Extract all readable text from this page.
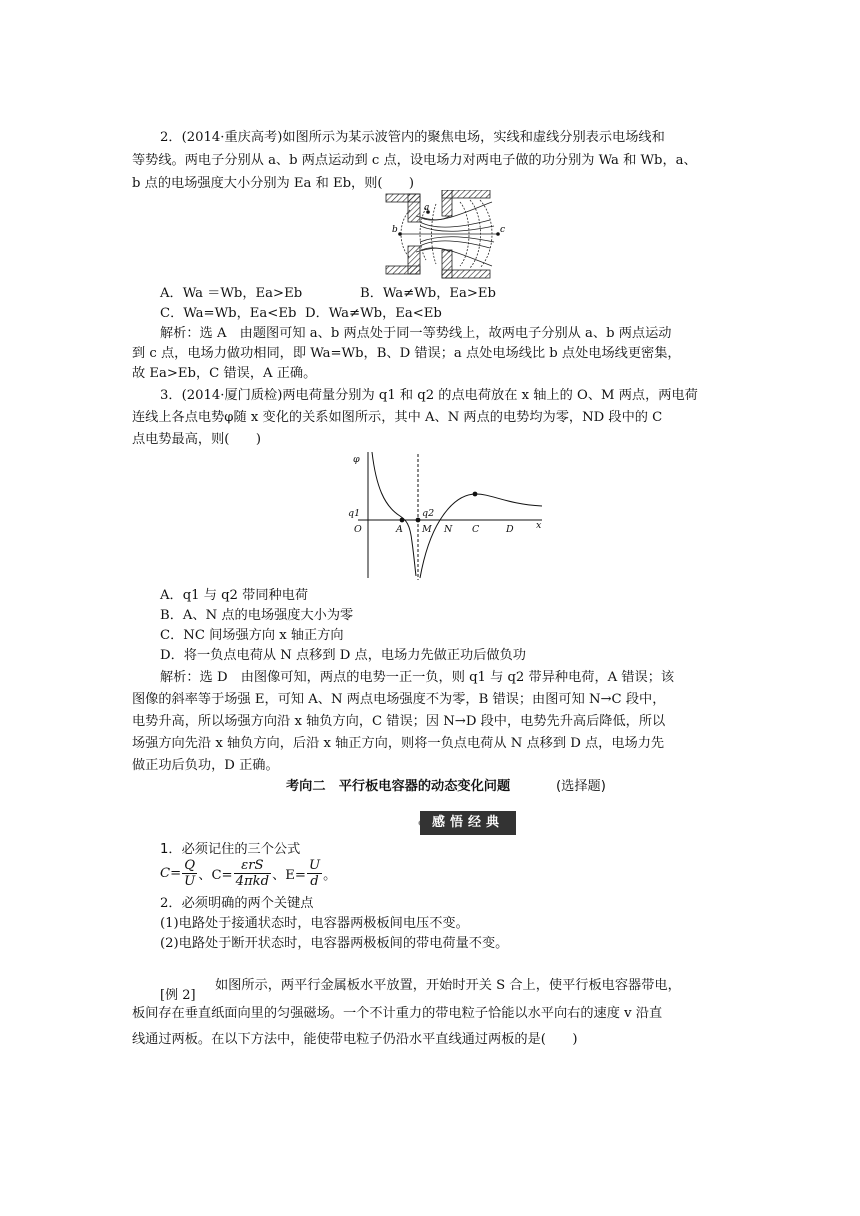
2．(2014·重庆高考)如图所示为某示波管内的聚焦电场，实线和虚线分别表示电场线和
等势线。两电子分别从 a、b 两点运动到 c 点，设电场力对两电子做的功分别为 Wa 和 Wb，a、
b 点的电场强度大小分别为 Ea 和 Eb，则(　　)
a
b	c
A．Wa ＝Wb，Ea>Eb	B．Wa≠Wb，Ea>Eb
C．Wa=Wb，Ea<Eb D．Wa≠Wb，Ea<Eb
解析：选 A　由题图可知 a、b 两点处于同一等势线上，故两电子分别从 a、b 两点运动
到 c 点，电场力做功相同，即 Wa=Wb，B、D 错误；a 点处电场线比 b 点处电场线更密集，
故 Ea>Eb，C 错误，A 正确。
3．(2014·厦门质检)两电荷量分别为 q1 和 q2 的点电荷放在 x 轴上的 O、M 两点，两电荷
连线上各点电势φ随 x 变化的关系如图所示，其中 A、N 两点的电势均为零，ND 段中的 C
点电势最高，则(　　)
φ
q1	q2
O	A M N C	D x
A．q1 与 q2 带同种电荷
B．A、N 点的电场强度大小为零
C．NC 间场强方向 x 轴正方向
D．将一负点电荷从 N 点移到 D 点，电场力先做正功后做负功
解析：选 D　由图像可知，两点的电势一正一负，则 q1 与 q2 带异种电荷，A 错误；该
图像的斜率等于场强 E，可知 A、N 两点电场强度不为零，B 错误；由图可知 N→C 段中，
电势升高，所以场强方向沿 x 轴负方向，C 错误；因 N→D 段中，电势先升高后降低，所以
场强方向先沿 x 轴负方向，后沿 x 轴正方向，则将一负点电荷从 N 点移到 D 点，电场力先
做正功后负功，D 正确。
考向二　平行板电容器的动态变化问题	(选择题)
感悟经典
1．必须记住的三个公式
$C= \frac{Q}{U}$ 、$C= \frac{\text{εrS}}{\text{4πkd}}$ 、$E= \frac{U}{d}$ 。
2．必须明确的两个关键点
(1)电路处于接通状态时，电容器两极板间电压不变。
(2)电路处于断开状态时，电容器两极板间的带电荷量不变。
[例 2]
如图所示，两平行金属板水平放置，开始时开关 S 合上，使平行板电容器带电，
板间存在垂直纸面向里的匀强磁场。一个不计重力的带电粒子恰能以水平向右的速度 v 沿直
线通过两板。在以下方法中，能使带电粒子仍沿水平直线通过两板的是(　　)
